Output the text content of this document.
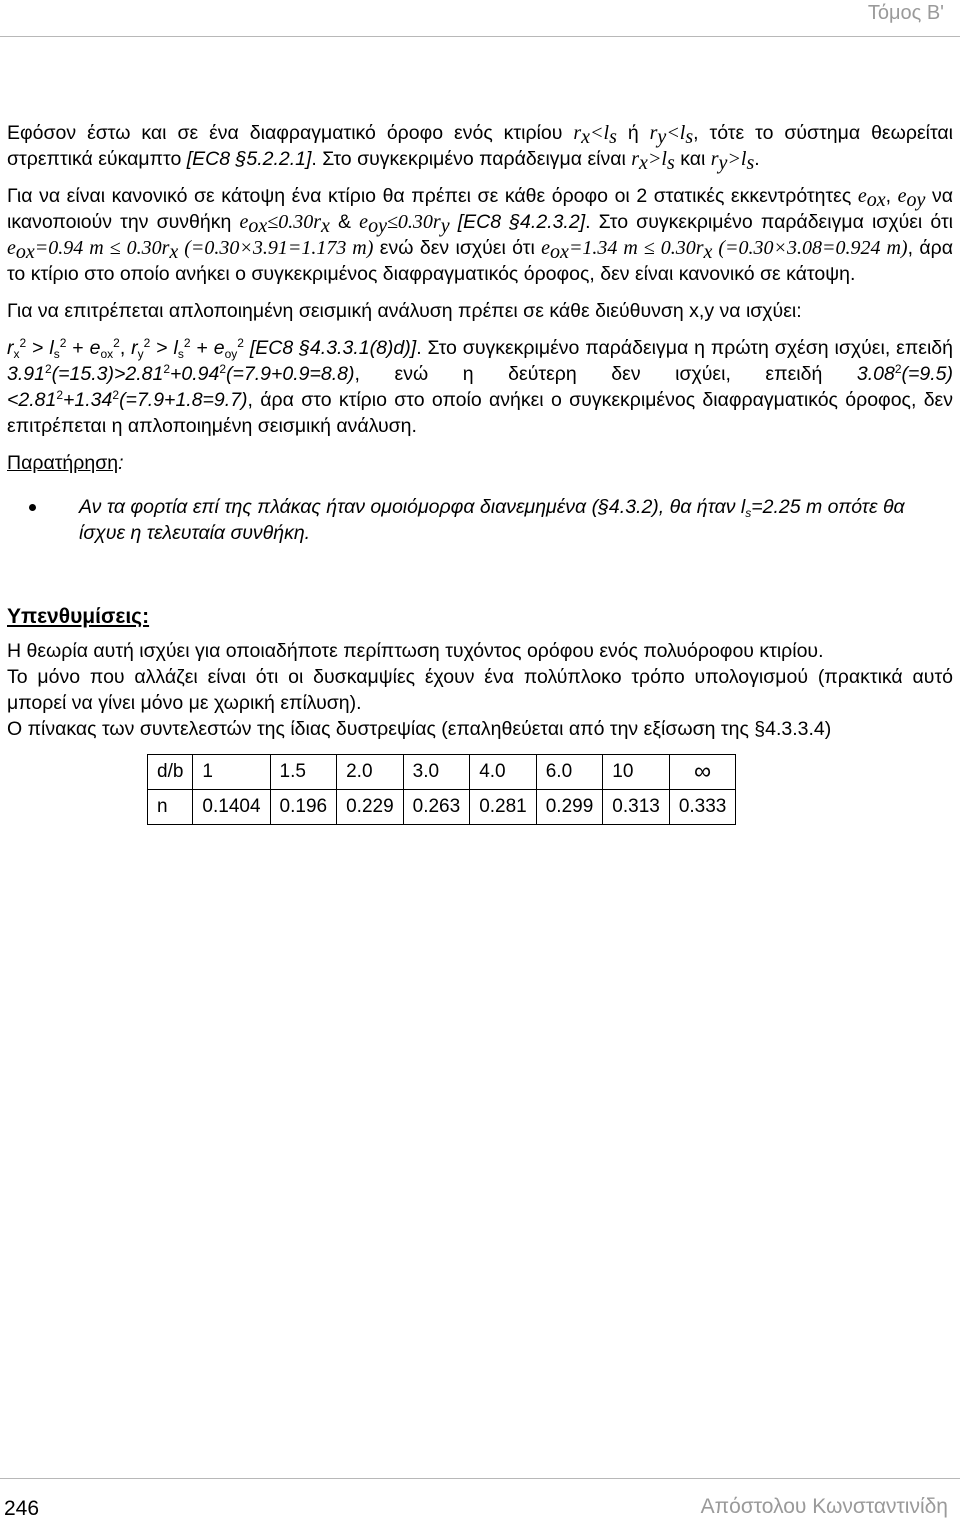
Τόμος Β'

Εφόσον έστω και σε ένα διαφραγματικό όροφο ενός κτιρίου $r_x<l_s$ ή $r_y<l_s$, τότε το σύστημα θεωρείται στρεπτικά εύκαμπτο [EC8 §5.2.2.1]. Στο συγκεκριμένο παράδειγμα είναι $r_x>l_s$ και $r_y>l_s$.

Για να είναι κανονικό σε κάτοψη ένα κτίριο θα πρέπει σε κάθε όροφο οι 2 στατικές εκκεντρότητες $e_{ox}$, $e_{oy}$ να ικανοποιούν την συνθήκη $e_{ox}\le 0.30r_x$ & $e_{oy}\le 0.30r_y$ [EC8 §4.2.3.2]. Στο συγκεκριμένο παράδειγμα ισχύει ότι $e_{ox}=0.94$ $m \le 0.30r_x$ (=0.30×3.91=1.173 m) ενώ δεν ισχύει ότι $e_{ox}=1.34$ $m \le 0.30r_x$ (=0.30×3.08=0.924 m), άρα το κτίριο στο οποίο ανήκει ο συγκεκριμένος διαφραγματικός όροφος, δεν είναι κανονικό σε κάτοψη.

Για να επιτρέπεται απλοποιημένη σεισμική ανάλυση πρέπει σε κάθε διεύθυνση x,y να ισχύει:

$r_x^2 > l_s^2 + e_{ox}^2$, $r_y^2 > l_s^2 + e_{oy}^2$ [EC8 §4.3.3.1(8)d)]. Στο συγκεκριμένο παράδειγμα η πρώτη σχέση ισχύει, επειδή $3.91^2(=15.3)>2.81^2+0.94^2(=7.9+0.9=8.8)$, ενώ η δεύτερη δεν ισχύει, επειδή $3.08^2(=9.5)<2.81^2+1.34^2(=7.9+1.8=9.7)$, άρα στο κτίριο στο οποίο ανήκει ο συγκεκριμένος διαφραγματικός όροφος, δεν επιτρέπεται η απλοποιημένη σεισμική ανάλυση.

Παρατήρηση:

Αν τα φορτία επί της πλάκας ήταν ομοιόμορφα διανεμημένα (§4.3.2), θα ήταν $l_s=2.25$ m οπότε θα ίσχυε η τελευταία συνθήκη.
Υπενθυμίσεις:

Η θεωρία αυτή ισχύει για οποιαδήποτε περίπτωση τυχόντος ορόφου ενός πολυόροφου κτιρίου.

Το μόνο που αλλάζει είναι ότι οι δυσκαμψίες έχουν ένα πολύπλοκο τρόπο υπολογισμού (πρακτικά αυτό μπορεί να γίνει μόνο με χωρική επίλυση).

Ο πίνακας των συντελεστών της ίδιας δυστρεψίας (επαληθεύεται από την εξίσωση της §4.3.3.4)

d/b	1	1.5	2.0	3.0	4.0	6.0	10	∞
n	0.1404	0.196	0.229	0.263	0.281	0.299	0.313	0.333
246	Απόστολου Κωνσταντινίδη
